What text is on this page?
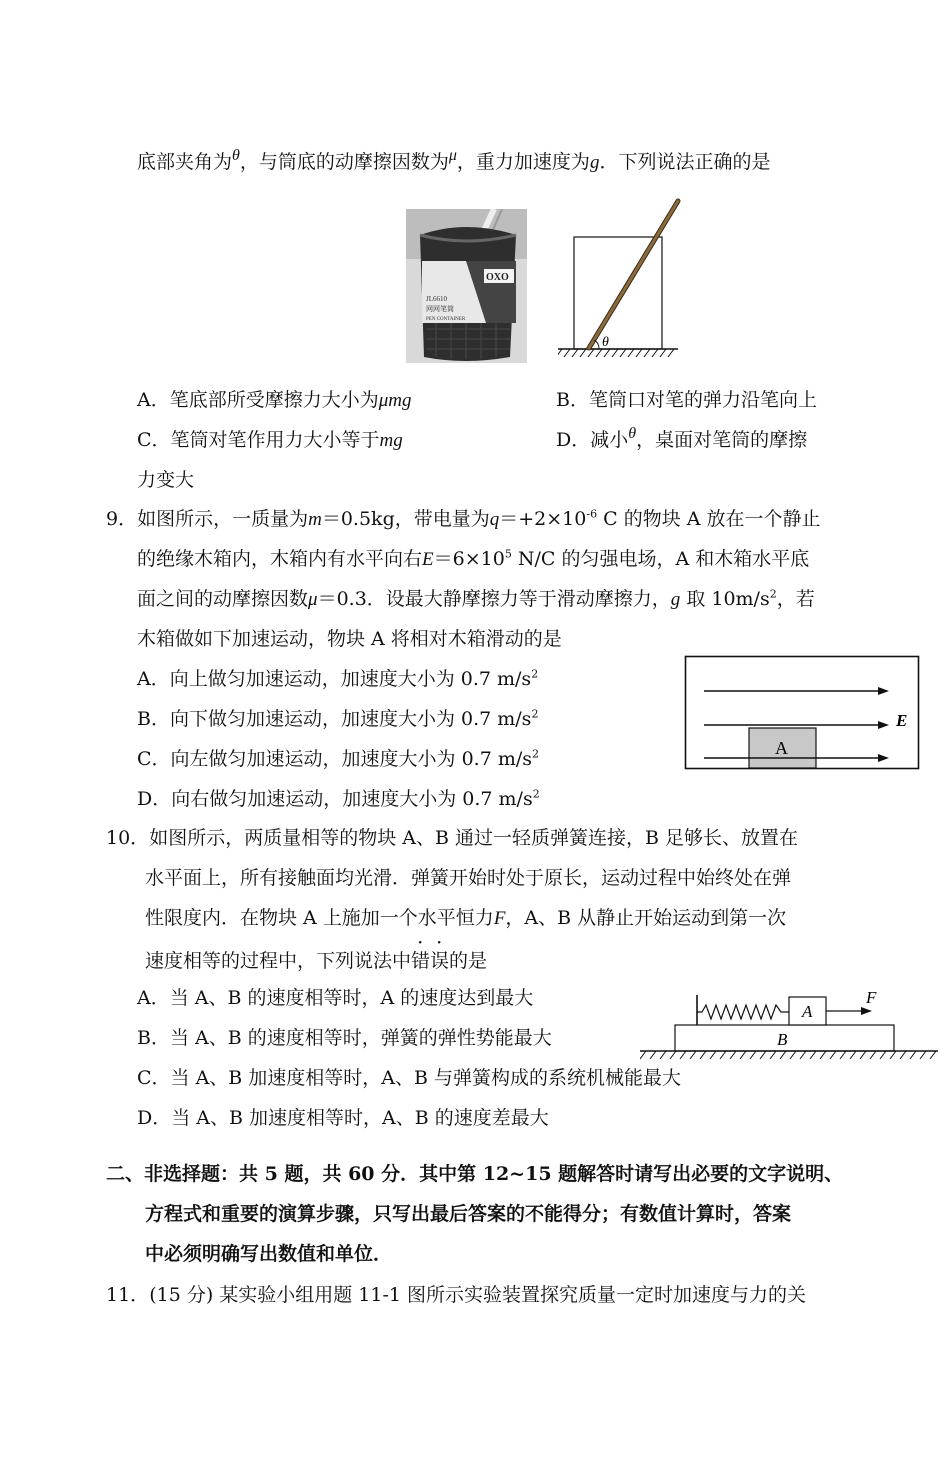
底部夹角为$^\theta$，与筒底的动摩擦因数为$^\mu$，重力加速度为g．下列说法正确的是
OXO
JL6610
网网笔筒
PEN CONTAINER
θ
A．笔底部所受摩擦力大小为μmg	B．笔筒口对笔的弹力沿笔向上
C．笔筒对笔作用力大小等于mg	D．减小$^\theta$，桌面对笔筒的摩擦
力变大
9．如图所示，一质量为m＝0.5kg，带电量为$q=+2\times 10^{-6}$ C 的物块 A 放在一个静止
的绝缘木箱内，木箱内有水平向右$E=6\times 10^5$ N/C 的匀强电场，A 和木箱水平底
面之间的动摩擦因数μ＝0.3．设最大静摩擦力等于滑动摩擦力，g 取 $10m/s^2$，若
木箱做如下加速运动，物块 A 将相对木箱滑动的是
A．向上做匀加速运动，加速度大小为 0.7 $m/s^2$
B．向下做匀加速运动，加速度大小为 0.7 $m/s^2$
C．向左做匀加速运动，加速度大小为 0.7 $m/s^2$
D．向右做匀加速运动，加速度大小为 0.7 $m/s^2$
A
E
10．如图所示，两质量相等的物块 A、B 通过一轻质弹簧连接，B 足够长、放置在
水平面上，所有接触面均光滑．弹簧开始时处于原长，运动过程中始终处在弹
性限度内．在物块 A 上施加一个水平恒力F，A、B 从静止开始运动到第一次
速度相等的过程中，下列说法中错误的是
A．当 A、B 的速度相等时，A 的速度达到最大
B．当 A、B 的速度相等时，弹簧的弹性势能最大
C．当 A、B 加速度相等时，A、B 与弹簧构成的系统机械能最大
D．当 A、B 加速度相等时，A、B 的速度差最大
A
F
B
二、非选择题：共 5 题，共 60 分．其中第 12~15 题解答时请写出必要的文字说明、
方程式和重要的演算步骤，只写出最后答案的不能得分；有数值计算时，答案
中必须明确写出数值和单位．
11．(15 分) 某实验小组用题 11-1 图所示实验装置探究质量一定时加速度与力的关
